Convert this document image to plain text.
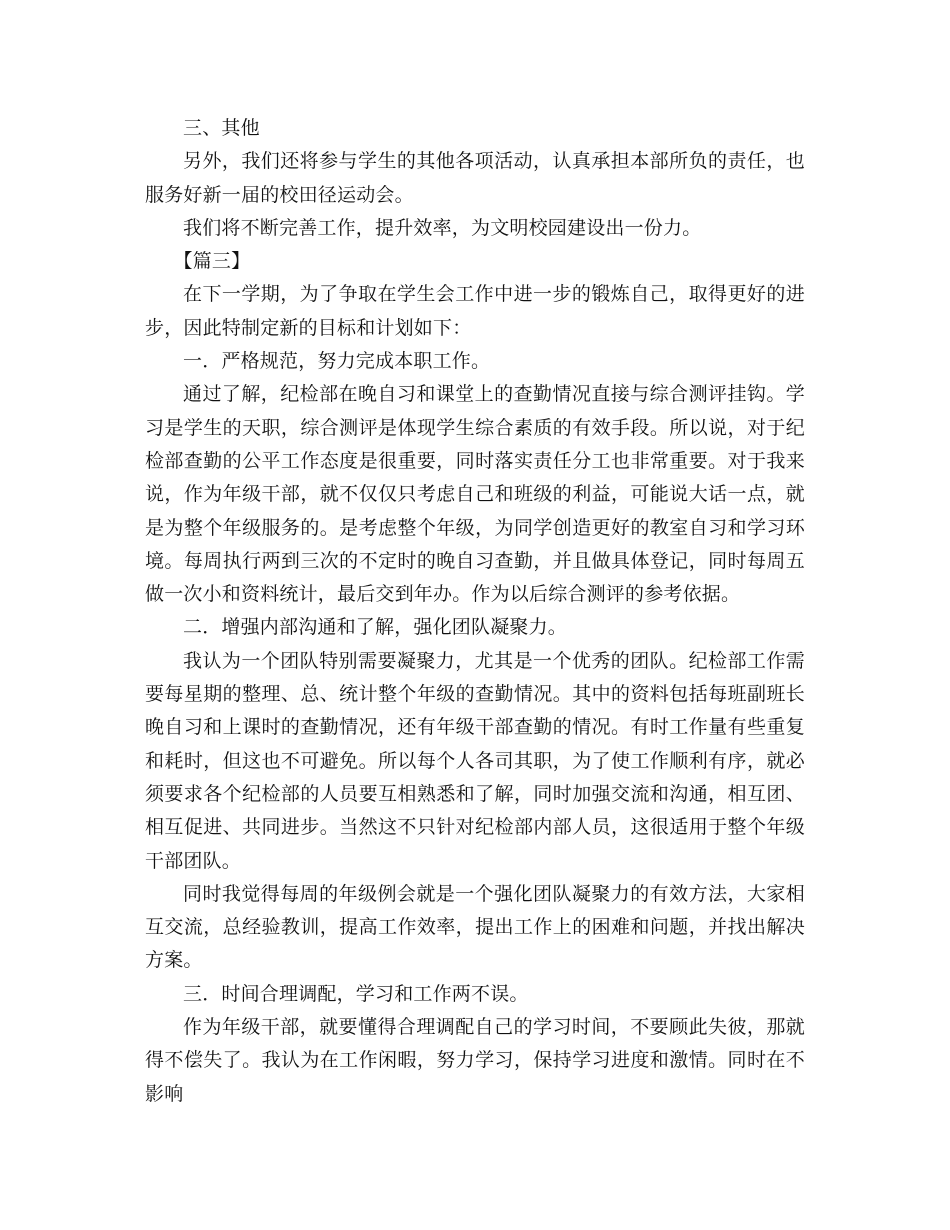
三、其他

另外，我们还将参与学生的其他各项活动，认真承担本部所负的责任，也服务好新一届的校田径运动会。

我们将不断完善工作，提升效率，为文明校园建设出一份力。

【篇三】

在下一学期，为了争取在学生会工作中进一步的锻炼自己，取得更好的进步，因此特制定新的目标和计划如下：

一．严格规范，努力完成本职工作。

通过了解，纪检部在晚自习和课堂上的查勤情况直接与综合测评挂钩。学习是学生的天职，综合测评是体现学生综合素质的有效手段。所以说，对于纪检部查勤的公平工作态度是很重要，同时落实责任分工也非常重要。对于我来说，作为年级干部，就不仅仅只考虑自己和班级的利益，可能说大话一点，就是为整个年级服务的。是考虑整个年级，为同学创造更好的教室自习和学习环境。每周执行两到三次的不定时的晚自习查勤，并且做具体登记，同时每周五做一次小和资料统计，最后交到年办。作为以后综合测评的参考依据。

二．增强内部沟通和了解，强化团队凝聚力。

我认为一个团队特别需要凝聚力，尤其是一个优秀的团队。纪检部工作需要每星期的整理、总、统计整个年级的查勤情况。其中的资料包括每班副班长晚自习和上课时的查勤情况，还有年级干部查勤的情况。有时工作量有些重复和耗时，但这也不可避免。所以每个人各司其职，为了使工作顺利有序，就必须要求各个纪检部的人员要互相熟悉和了解，同时加强交流和沟通，相互团、相互促进、共同进步。当然这不只针对纪检部内部人员，这很适用于整个年级干部团队。

同时我觉得每周的年级例会就是一个强化团队凝聚力的有效方法，大家相互交流，总经验教训，提高工作效率，提出工作上的困难和问题，并找出解决方案。

三．时间合理调配，学习和工作两不误。

作为年级干部，就要懂得合理调配自己的学习时间，不要顾此失彼，那就得不偿失了。我认为在工作闲暇，努力学习，保持学习进度和激情。同时在不影响
